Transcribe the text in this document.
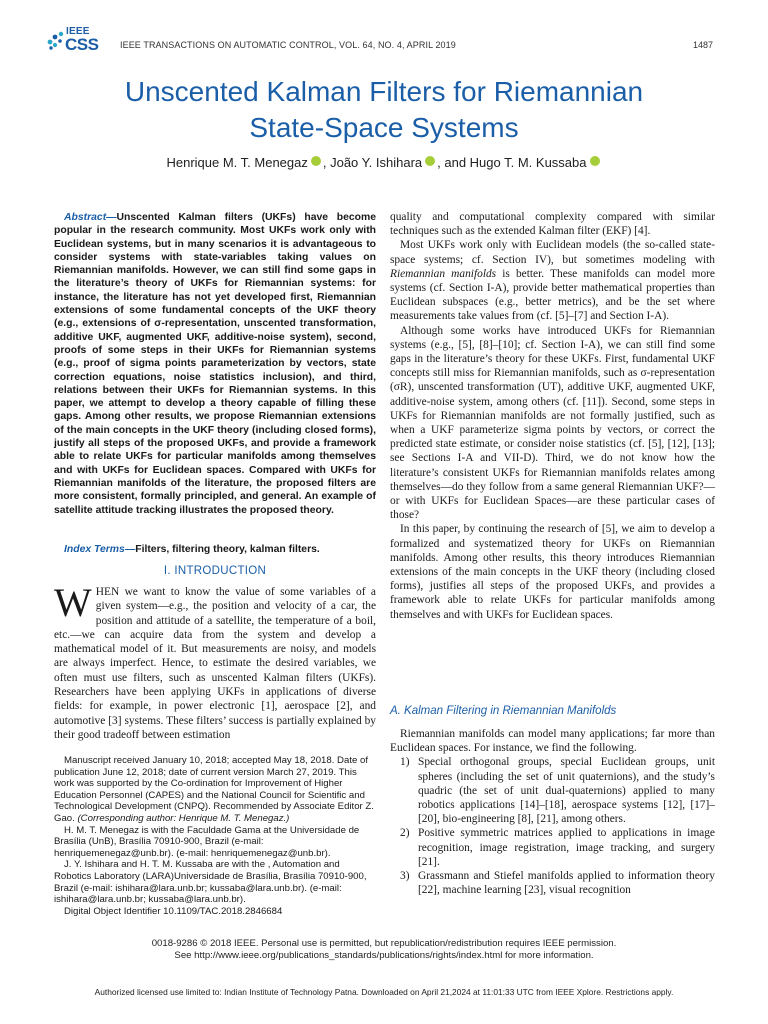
IEEE
CSS IEEE TRANSACTIONS ON AUTOMATIC CONTROL, VOL. 64, NO. 4, APRIL 2019	1487
Unscented Kalman Filters for Riemannian
State-Space Systems
Henrique M. T. Menegaz , João Y. Ishihara , and Hugo T. M. Kussaba
Abstract—Unscented Kalman filters (UKFs) have become popular in the research community. Most UKFs work only with Euclidean systems, but in many scenarios it is advantageous to consider systems with state-variables taking values on Riemannian manifolds. However, we can still find some gaps in the literature’s theory of UKFs for Riemannian systems: for instance, the literature has not yet developed first, Riemannian extensions of some fundamental concepts of the UKF theory (e.g., extensions of σ-representation, unscented transformation, additive UKF, augmented UKF, additive-noise system), second, proofs of some steps in their UKFs for Riemannian systems (e.g., proof of sigma points parameterization by vectors, state correction equations, noise statistics inclusion), and third, relations between their UKFs for Riemannian systems. In this paper, we attempt to develop a theory capable of filling these gaps. Among other results, we propose Riemannian extensions of the main concepts in the UKF theory (including closed forms), justify all steps of the proposed UKFs, and provide a framework able to relate UKFs for particular manifolds among themselves and with UKFs for Euclidean spaces. Compared with UKFs for Riemannian manifolds of the literature, the proposed filters are more consistent, formally principled, and general. An example of satellite attitude tracking illustrates the proposed theory.
Index Terms—Filters, filtering theory, kalman filters.
I. INTRODUCTION
WHEN we want to know the value of some variables of a given system—e.g., the position and velocity of a car, the position and attitude of a satellite, the temperature of a boil, etc.—we can acquire data from the system and develop a mathematical model of it. But measurements are noisy, and models are always imperfect. Hence, to estimate the desired variables, we often must use filters, such as unscented Kalman filters (UKFs). Researchers have been applying UKFs in applications of diverse fields: for example, in power electronic [1], aerospace [2], and automotive [3] systems. These filters’ success is partially explained by their good tradeoff between estimation

Manuscript received January 10, 2018; accepted May 18, 2018. Date of publication June 12, 2018; date of current version March 27, 2019. This work was supported by the Co-ordination for Improvement of Higher Education Personnel (CAPES) and the National Council for Scientific and Technological Development (CNPQ). Recommended by Associate Editor Z. Gao. (Corresponding author: Henrique M. T. Menegaz.)

H. M. T. Menegaz is with the Faculdade Gama at the Universidade de Brasília (UnB), Brasília 70910-900, Brazil (e-mail: henriquemenegaz@unb.br). (e-mail: henriquemenegaz@unb.br).

J. Y. Ishihara and H. T. M. Kussaba are with the , Automation and Robotics Laboratory (LARA)Universidade de Brasília, Brasília 70910-900, Brazil (e-mail: ishihara@lara.unb.br; kussaba@lara.unb.br). (e-mail: ishihara@lara.unb.br; kussaba@lara.unb.br).

Digital Object Identifier 10.1109/TAC.2018.2846684

quality and computational complexity compared with similar techniques such as the extended Kalman filter (EKF) [4].

Most UKFs work only with Euclidean models (the so-called state-space systems; cf. Section IV), but sometimes modeling with Riemannian manifolds is better. These manifolds can model more systems (cf. Section I-A), provide better mathematical properties than Euclidean subspaces (e.g., better metrics), and be the set where measurements take values from (cf. [5]–[7] and Section I-A).

Although some works have introduced UKFs for Riemannian systems (e.g., [5], [8]–[10]; cf. Section I-A), we can still find some gaps in the literature’s theory for these UKFs. First, fundamental UKF concepts still miss for Riemannian manifolds, such as σ-representation (σR), unscented transformation (UT), additive UKF, augmented UKF, additive-noise system, among others (cf. [11]). Second, some steps in UKFs for Riemannian manifolds are not formally justified, such as when a UKF parameterize sigma points by vectors, or correct the predicted state estimate, or consider noise statistics (cf. [5], [12], [13]; see Sections I-A and VII-D). Third, we do not know how the literature’s consistent UKFs for Riemannian manifolds relates among themselves—do they follow from a same general Riemannian UKF?—or with UKFs for Euclidean Spaces—are these particular cases of those?

In this paper, by continuing the research of [5], we aim to develop a formalized and systematized theory for UKFs on Riemannian manifolds. Among other results, this theory introduces Riemannian extensions of the main concepts in the UKF theory (including closed forms), justifies all steps of the proposed UKFs, and provides a framework able to relate UKFs for particular manifolds among themselves and with UKFs for Euclidean spaces.

A. Kalman Filtering in Riemannian Manifolds

Riemannian manifolds can model many applications; far more than Euclidean spaces. For instance, we find the following.

1) Special orthogonal groups, special Euclidean groups, unit spheres (including the set of unit quaternions), and the study’s quadric (the set of unit dual-quaternions) applied to many robotics applications [14]–[18], aerospace systems [12], [17]–[20], bio-engineering [8], [21], among others.

2) Positive symmetric matrices applied to applications in image recognition, image registration, image tracking, and surgery [21].

3) Grassmann and Stiefel manifolds applied to information theory [22], machine learning [23], visual recognition

0018-9286 © 2018 IEEE. Personal use is permitted, but republication/redistribution requires IEEE permission.
See http://www.ieee.org/publications_standards/publications/rights/index.html for more information.
Authorized licensed use limited to: Indian Institute of Technology Patna. Downloaded on April 21,2024 at 11:01:33 UTC from IEEE Xplore. Restrictions apply.
